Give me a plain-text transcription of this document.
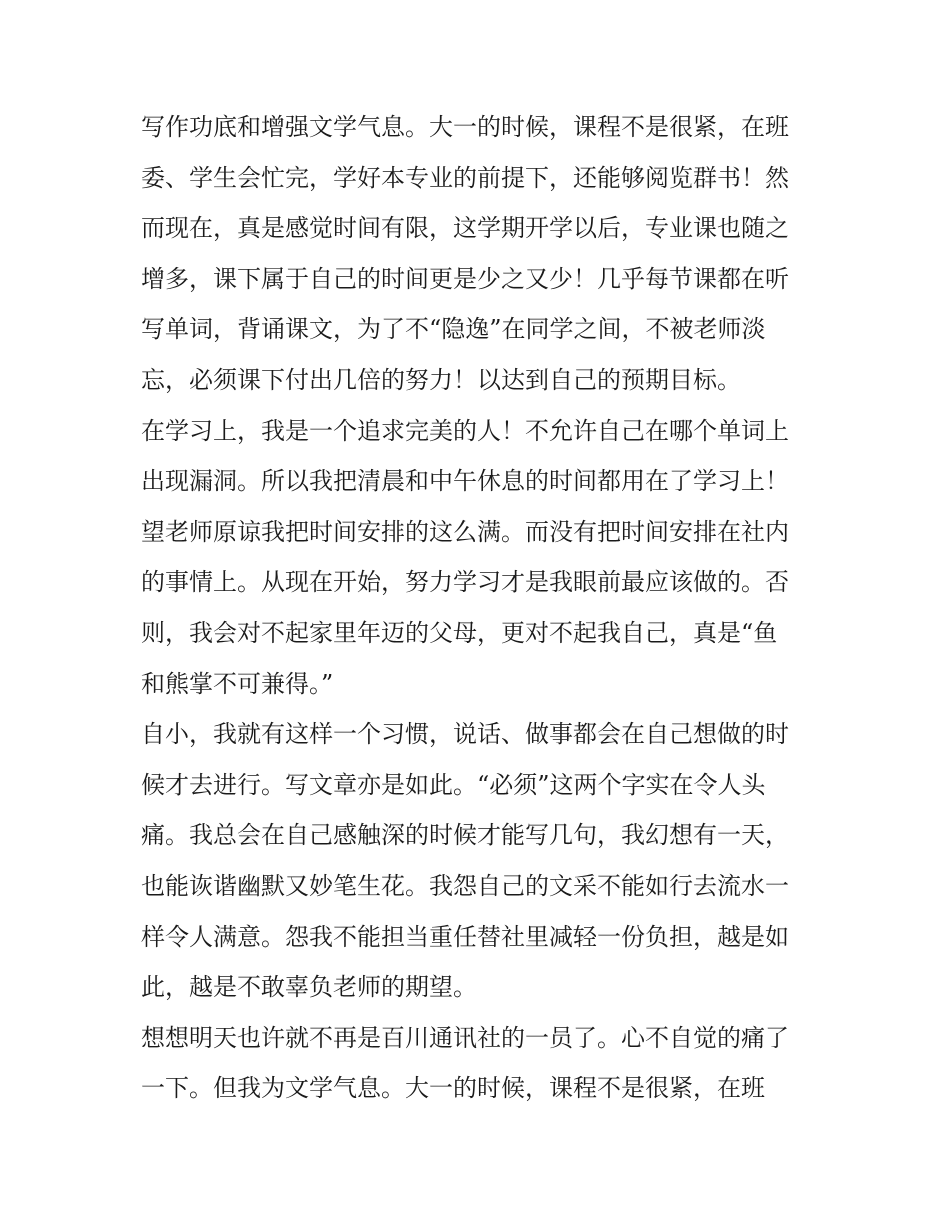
写作功底和增强文学气息。大一的时候，课程不是很紧，在班
委、学生会忙完，学好本专业的前提下，还能够阅览群书！然
而现在，真是感觉时间有限，这学期开学以后，专业课也随之
增多，课下属于自己的时间更是少之又少！几乎每节课都在听
写单词，背诵课文，为了不“隐逸”在同学之间，不被老师淡
忘，必须课下付出几倍的努力！以达到自己的预期目标。
在学习上，我是一个追求完美的人！不允许自己在哪个单词上
出现漏洞。所以我把清晨和中午休息的时间都用在了学习上！
望老师原谅我把时间安排的这么满。而没有把时间安排在社内
的事情上。从现在开始，努力学习才是我眼前最应该做的。否
则，我会对不起家里年迈的父母，更对不起我自己，真是“鱼
和熊掌不可兼得。”
自小，我就有这样一个习惯，说话、做事都会在自己想做的时
候才去进行。写文章亦是如此。“必须”这两个字实在令人头
痛。我总会在自己感触深的时候才能写几句，我幻想有一天，
也能诙谐幽默又妙笔生花。我怨自己的文采不能如行去流水一
样令人满意。怨我不能担当重任替社里减轻一份负担，越是如
此，越是不敢辜负老师的期望。
想想明天也许就不再是百川通讯社的一员了。心不自觉的痛了
一下。但我为文学气息。大一的时候，课程不是很紧，在班
